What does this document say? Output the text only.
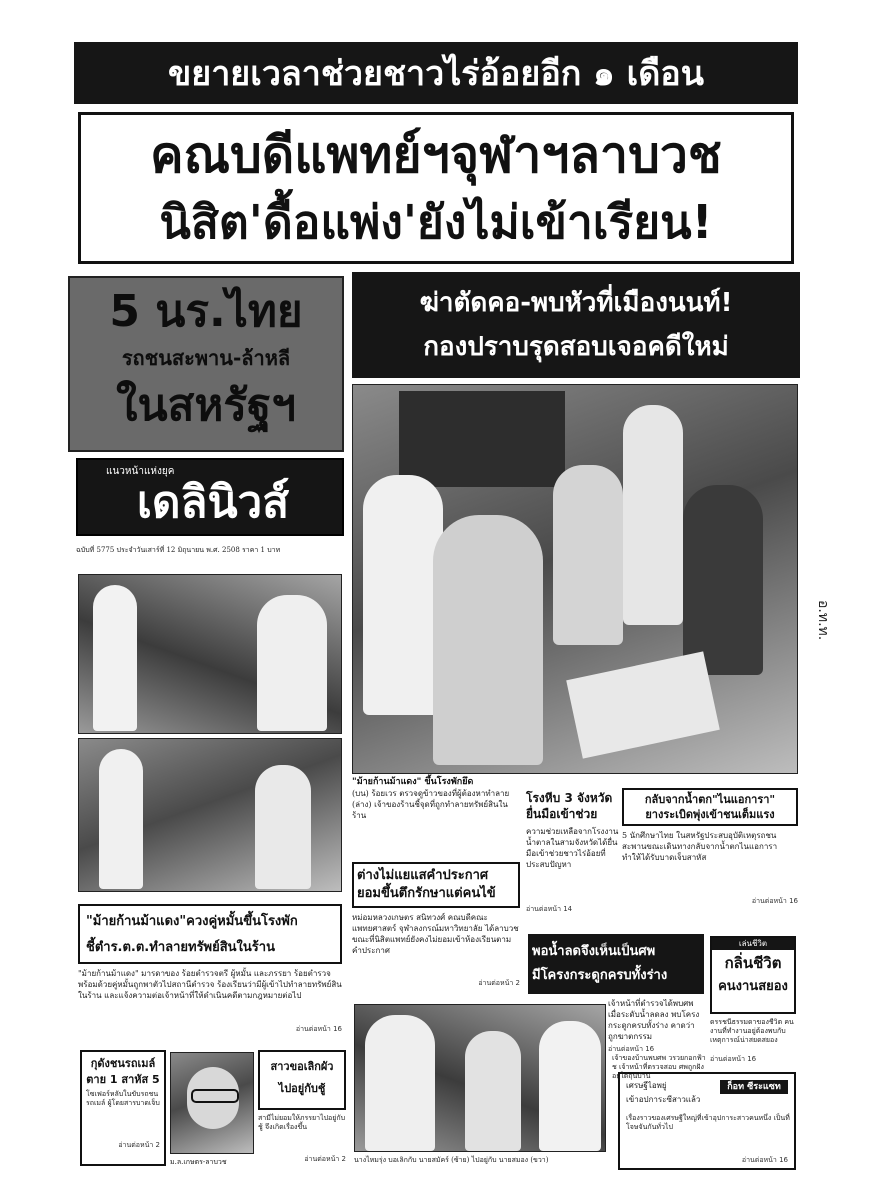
ขยายเวลาช่วยชาวไร่อ้อยอีก ๑ เดือน
คณบดีแพทย์ฯจุฬาฯลาบวช
นิสิต'ดื้อแพ่ง'ยังไม่เข้าเรียน!
5 นร.ไทย
รถชนสะพาน-ล้าหลี
ในสหรัฐฯ
ฆ่าตัดคอ-พบหัวที่เมืองนนท์!
กองปราบรุดสอบเจอคดีใหม่
แนวหน้าแห่งยุค
เดลินิวส์
ฉบับที่ 5775 ประจำวันเสาร์ที่ 12 มิถุนายน พ.ศ. 2508 ราคา 1 บาท
อ.ท.ท.
"ม้ายก้านม้าแดง" ขึ้นโรงพักยึด
(บน) ร้อยเวร ตรวจดูข้าวของที่ผู้ต้องหาทำลาย (ล่าง) เจ้าของร้านชี้จุดที่ถูกทำลายทรัพย์สินในร้าน
โรงหีบ 3 จังหวัด
ยื่นมือเข้าช่วย
ความช่วยเหลือจากโรงงานน้ำตาลในสามจังหวัดได้ยื่นมือเข้าช่วยชาวไร่อ้อยที่ประสบปัญหา
อ่านต่อหน้า 14
กลับจากน้ำตก"ไนแอการา"
ยางระเบิดพุ่งเข้าชนเต็มแรง
5 นักศึกษาไทย ในสหรัฐประสบอุบัติเหตุรถชนสะพานขณะเดินทางกลับจากน้ำตกไนแอการา ทำให้ได้รับบาดเจ็บสาหัส
อ่านต่อหน้า 16
ต่างไม่แยแสคำประกาศ
ยอมขึ้นตึกรักษาแต่คนไข้
หม่อมหลวงเกษตร สนิทวงศ์ คณบดีคณะแพทยศาสตร์ จุฬาลงกรณ์มหาวิทยาลัย ได้ลาบวช ขณะที่นิสิตแพทย์ยังคงไม่ยอมเข้าห้องเรียนตามคำประกาศ
อ่านต่อหน้า 2
"ม้ายก้านม้าแดง"ควงคู่หมั้นขึ้นโรงพัก
ชี้ตำร.ต.ต.ทำลายทรัพย์สินในร้าน
"ม้ายก้านม้าแดง" มารดาของ ร้อยตำรวจตรี ผู้หมั้น และภรรยา ร้อยตำรวจ พร้อมด้วยคู่หมั้นถูกพาตัวไปสถานีตำรวจ ร้องเรียนว่ามีผู้เข้าไปทำลายทรัพย์สินในร้าน และแจ้งความต่อเจ้าหน้าที่ให้ดำเนินคดีตามกฎหมายต่อไป
อ่านต่อหน้า 16
พอน้ำลดจึงเห็นเป็นศพ
มีโครงกระดูกครบทั้งร่าง
เจ้าหน้าที่ตำรวจได้พบศพ เมื่อระดับน้ำลดลง พบโครงกระดูกครบทั้งร่าง คาดว่าถูกฆาตกรรม
อ่านต่อหน้า 16
เล่นชีวิต
กลิ่นชีวิต
คนงานสยอง
ดรรชนีธรรมดาของชีวิต คนงานที่ทำงานอยู่ต้องพบกับเหตุการณ์น่าสยดสยอง
อ่านต่อหน้า 16
นางไหมรุ่ง บอเลิกกับ นายสมัคร์ (ซ้าย) ไปอยู่กับ นายสมอง (ขวา)
กุดังชนรถเมล์
ตาย 1 สาหัส 5
โซเฟอร์หลับในขับรถชนรถเมล์ ผู้โดยสารบาดเจ็บ
อ่านต่อหน้า 2
ม.ล.เกษตร-ลาบวช
สาวขอเลิกผัว
ไปอยู่กับชู้
สามีไม่ยอมให้ภรรยาไปอยู่กับชู้ จึงเกิดเรื่องขึ้น
อ่านต่อหน้า 2
ก็อท ซีระแซท
เศรษฐีไอพยู่
เข้าอปการะซีสาวแล้ว
เรื่องราวของเศรษฐีใหญ่ที่เข้าอุปการะสาวคนหนึ่ง เป็นที่โจษจันกันทั่วไป
อ่านต่อหน้า 16
เจ้าของบ้านพบศพ วรวยกอกฟ้าช เจ้าหน้าที่ตรวจสอบ ศพถูกฝังอยู่ใต้ถุนบ้าน
